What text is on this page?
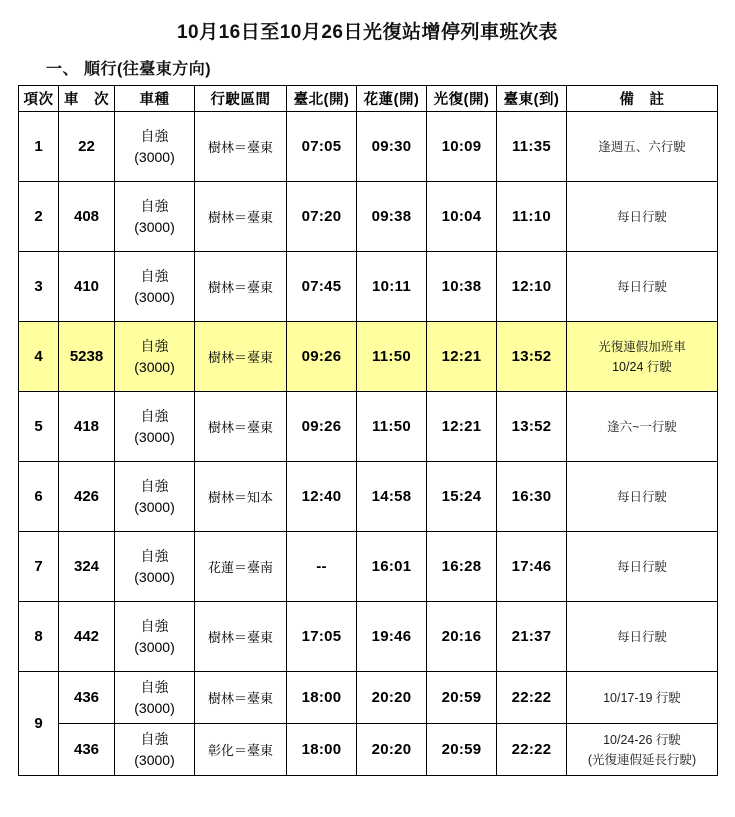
10月16日至10月26日光復站增停列車班次表
一、 順行(往臺東方向)
項次	車　次	車種	行駛區間	臺北(開)	花蓮(開)	光復(開)	臺東(到)	備　註
1	22	自強
(3000)	樹林＝臺東	07:05	09:30	10:09	11:35	逢週五、六行駛

2	408	自強
(3000)	樹林＝臺東	07:20	09:38	10:04	11:10	每日行駛

3	410	自強
(3000)	樹林＝臺東	07:45	10:11	10:38	12:10	每日行駛

4	5238	自強
(3000)	樹林＝臺東	09:26	11:50	12:21	13:52	光復連假加班車
10/24 行駛

5	418	自強
(3000)	樹林＝臺東	09:26	11:50	12:21	13:52	逢六~一行駛

6	426	自強
(3000)	樹林＝知本	12:40	14:58	15:24	16:30	每日行駛

7	324	自強
(3000)	花蓮＝臺南	--	16:01	16:28	17:46	每日行駛

8	442	自強
(3000)	樹林＝臺東	17:05	19:46	20:16	21:37	每日行駛

9	436	自強
(3000)	樹林＝臺東	18:00	20:20	20:59	22:22	10/17-19 行駛

	436	自強
(3000)	彰化＝臺東	18:00	20:20	20:59	22:22	10/24-26 行駛
(光復連假延長行駛)
